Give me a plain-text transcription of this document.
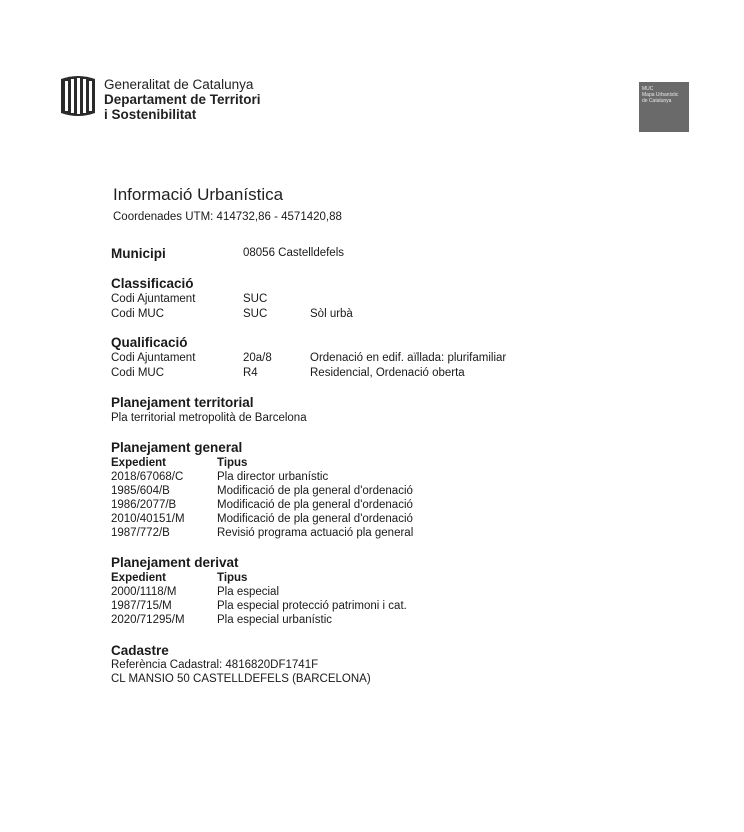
Generalitat de Catalunya
Departament de Territori
i Sostenibilitat
MUC
Mapa Urbanístic
de Catalunya
Informació Urbanística
Coordenades UTM: 414732,86 - 4571420,88
Municipi	08056 Castelldefels
Classificació
Codi Ajuntament	SUC
Codi MUC	SUC	Sòl urbà
Qualificació
Codi Ajuntament	20a/8	Ordenació en edif. aïllada: plurifamiliar
Codi MUC	R4	Residencial, Ordenació oberta
Planejament territorial
Pla territorial metropolità de Barcelona
Planejament general
Expedient	Tipus
2018/67068/C	Pla director urbanístic
1985/604/B	Modificació de pla general d'ordenació
1986/2077/B	Modificació de pla general d'ordenació
2010/40151/M	Modificació de pla general d'ordenació
1987/772/B	Revisió programa actuació pla general
Planejament derivat
Expedient	Tipus
2000/1118/M	Pla especial
1987/715/M	Pla especial protecció patrimoni i cat.
2020/71295/M	Pla especial urbanístic
Cadastre
Referència Cadastral: 4816820DF1741F
CL MANSIO 50 CASTELLDEFELS (BARCELONA)
